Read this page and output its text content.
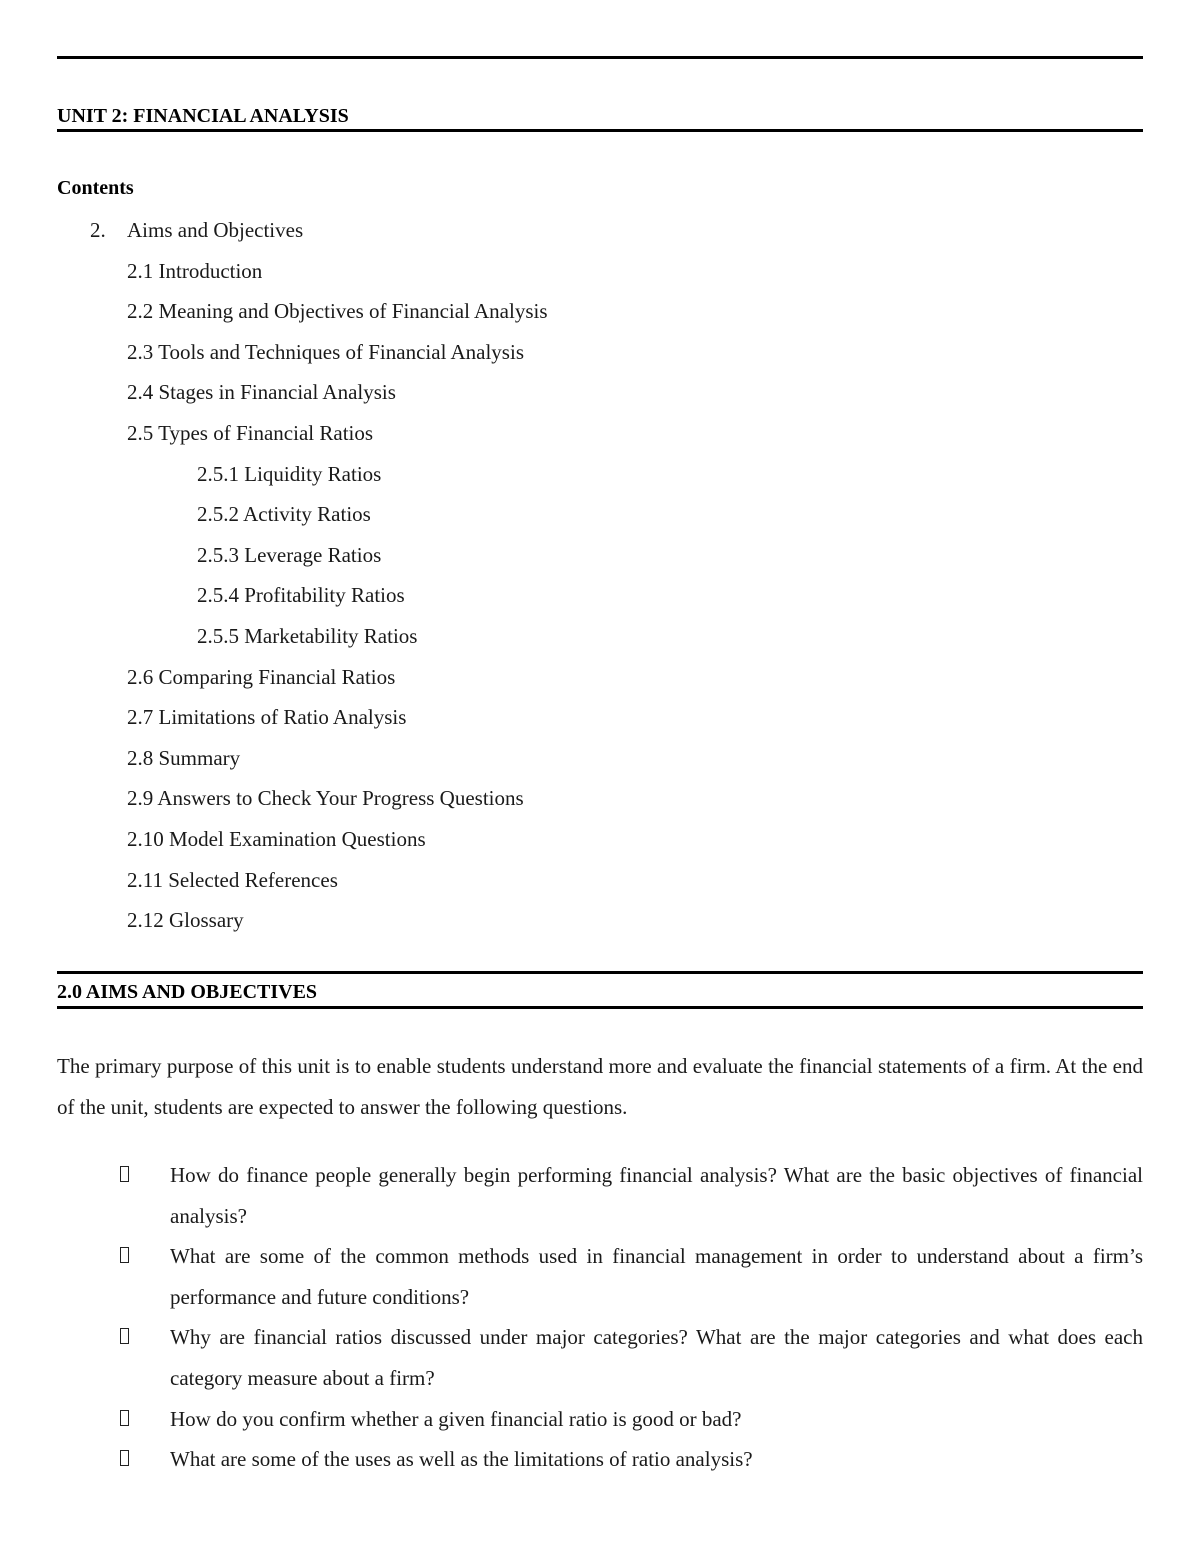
UNIT 2: FINANCIAL ANALYSIS
Contents
2. Aims and Objectives
2.1 Introduction
2.2 Meaning and Objectives of Financial Analysis
2.3 Tools and Techniques of Financial Analysis
2.4 Stages in Financial Analysis
2.5 Types of Financial Ratios
2.5.1 Liquidity Ratios
2.5.2 Activity Ratios
2.5.3 Leverage Ratios
2.5.4 Profitability Ratios
2.5.5 Marketability Ratios
2.6 Comparing Financial Ratios
2.7 Limitations of Ratio Analysis
2.8 Summary
2.9 Answers to Check Your Progress Questions
2.10 Model Examination Questions
2.11 Selected References
2.12 Glossary
2.0 AIMS AND OBJECTIVES

The primary purpose of this unit is to enable students understand more and evaluate the financial statements of a firm. At the end of the unit, students are expected to answer the following questions.

How do finance people generally begin performing financial analysis? What are the basic objectives of financial analysis?
What are some of the common methods used in financial management in order to understand about a firm’s performance and future conditions?
Why are financial ratios discussed under major categories? What are the major categories and what does each category measure about a firm?
How do you confirm whether a given financial ratio is good or bad?
What are some of the uses as well as the limitations of ratio analysis?
